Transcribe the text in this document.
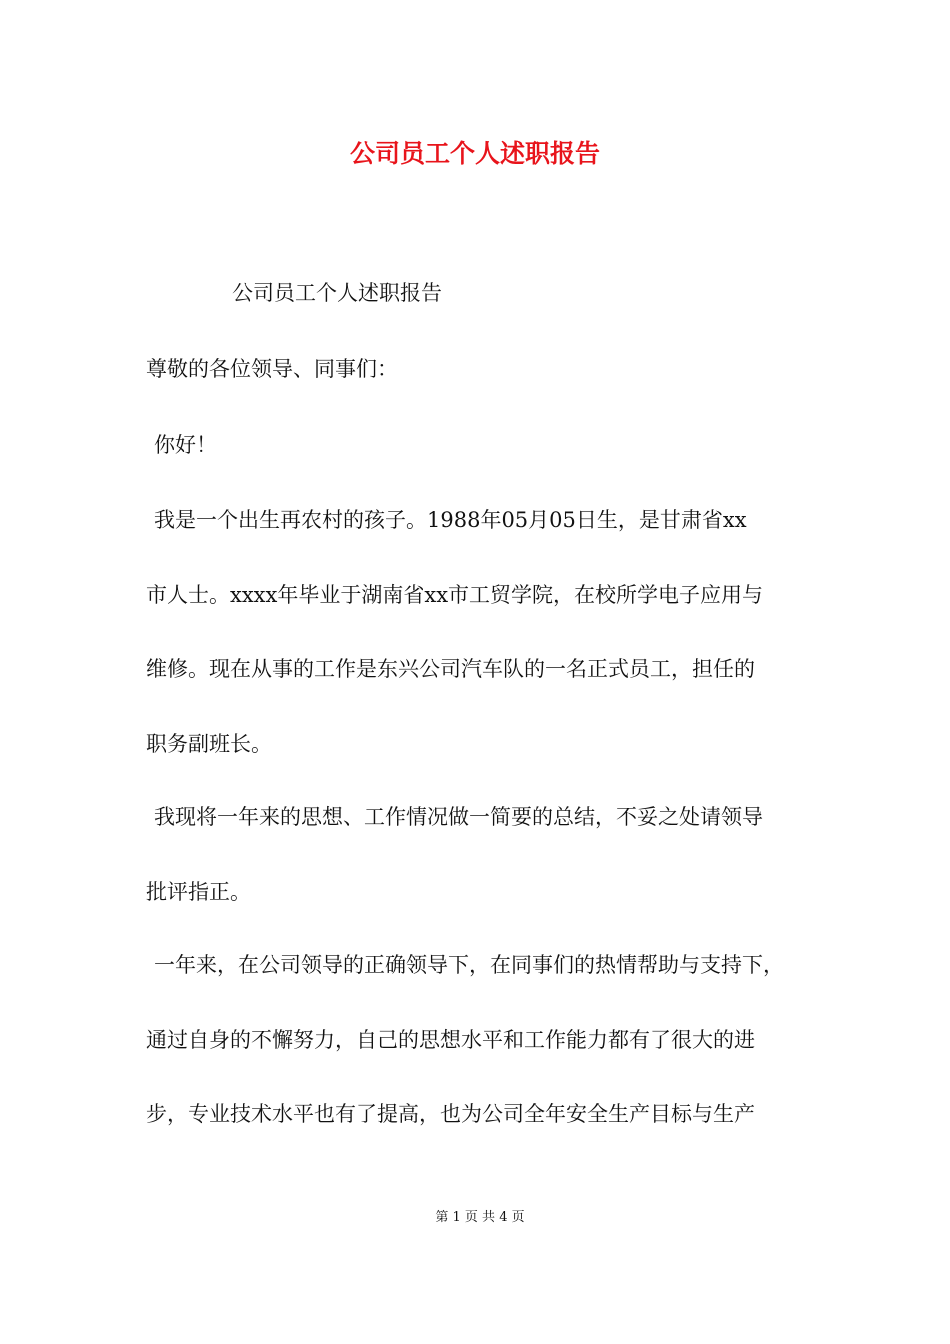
公司员工个人述职报告

公司员工个人述职报告

尊敬的各位领导、同事们：

你好！

我是一个出生再农村的孩子。1988年05月05日生，是甘肃省xx

市人士。xxxx年毕业于湖南省xx市工贸学院，在校所学电子应用与

维修。现在从事的工作是东兴公司汽车队的一名正式员工，担任的

职务副班长。

我现将一年来的思想、工作情况做一简要的总结，不妥之处请领导

批评指正。

一年来，在公司领导的正确领导下，在同事们的热情帮助与支持下，

通过自身的不懈努力，自己的思想水平和工作能力都有了很大的进

步，专业技术水平也有了提高，也为公司全年安全生产目标与生产

第 1 页 共 4 页
